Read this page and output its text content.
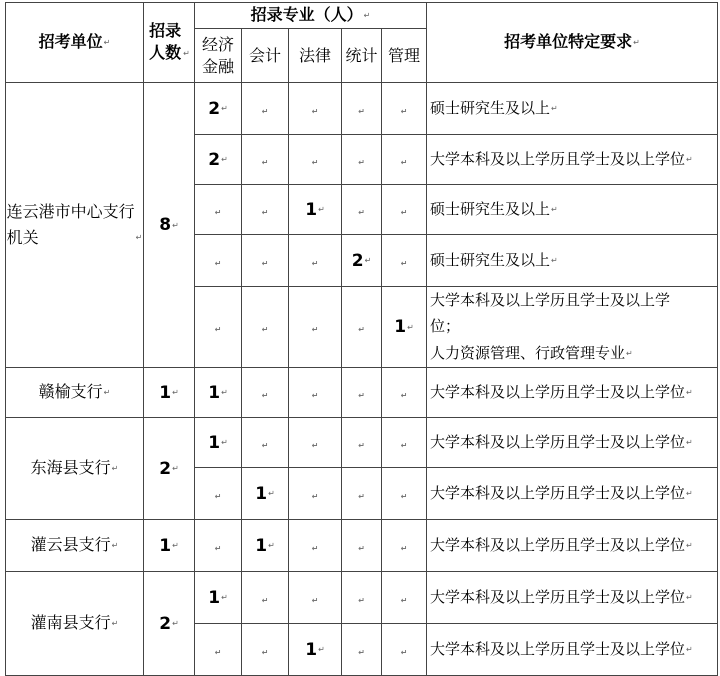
招考单位↵	招录人数 ↵	招录专业（人）↵					招考单位特定要求↵
		经济金融	会计	法律	统计	管理	
连云港市中心支行机关 ↵	8↵	2↵	↵	↵	↵	↵	硕士研究生及以上↵

		2↵	↵	↵	↵	↵	大学本科及以上学历且学士及以上学位↵

		↵	↵	1↵	↵	↵	硕士研究生及以上↵

		↵	↵	↵	2↵	↵	硕士研究生及以上↵

		↵	↵	↵	↵	1↵	大学本科及以上学历且学士及以上学
位；
人力资源管理、行政管理专业↵

赣榆支行↵	1↵	1↵	↵	↵	↵	↵	大学本科及以上学历且学士及以上学位↵

东海县支行↵	2↵	1↵	↵	↵	↵	↵	大学本科及以上学历且学士及以上学位↵

		↵	1↵	↵	↵	↵	大学本科及以上学历且学士及以上学位↵

灌云县支行↵	1↵	↵	1↵	↵	↵	↵	大学本科及以上学历且学士及以上学位↵

灌南县支行↵	2↵	1↵	↵	↵	↵	↵	大学本科及以上学历且学士及以上学位↵

		↵	↵	1↵	↵	↵	大学本科及以上学历且学士及以上学位↵
